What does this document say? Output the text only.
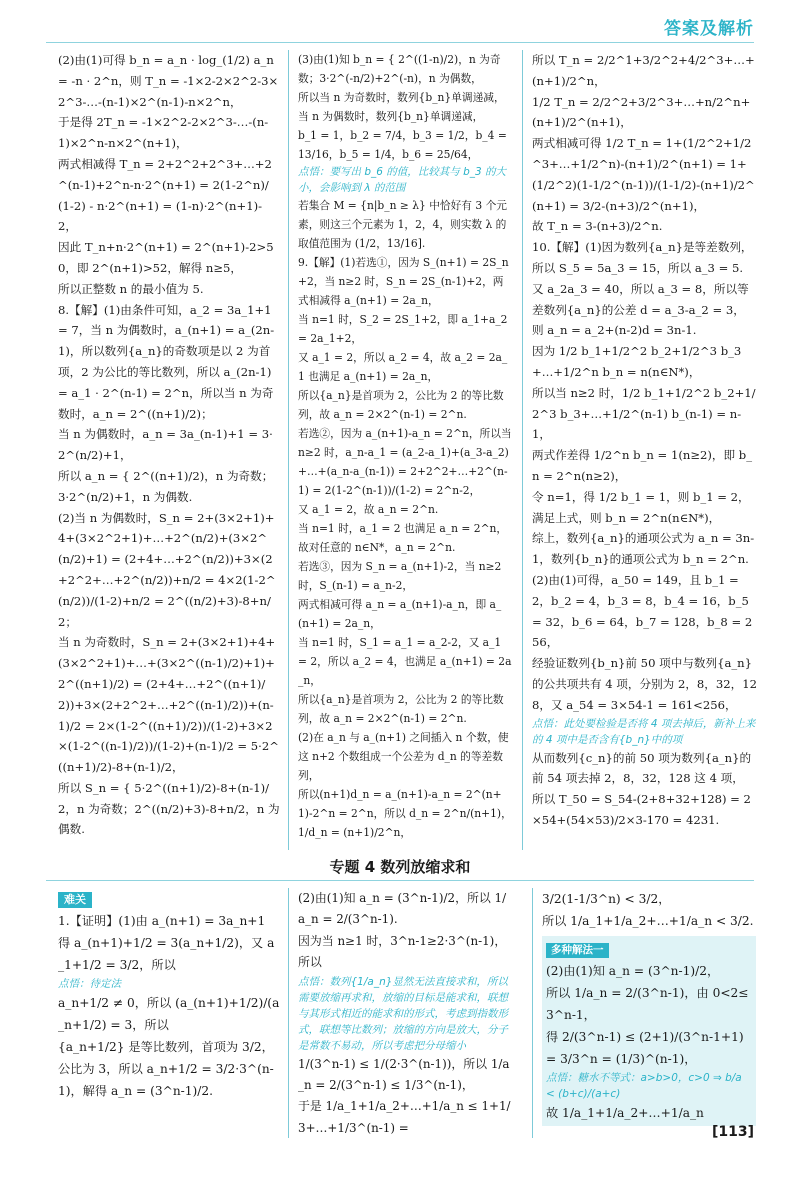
答案及解析
(2)由(1)可得 b_n = a_n · log_(1/2) a_n = -n · 2^n，则 T_n = -1×2-2×2^2-3×2^3-…-(n-1)×2^(n-1)-n×2^n，
于是得 2T_n = -1×2^2-2×2^3-…-(n-1)×2^n-n×2^(n+1)，
两式相减得 T_n = 2+2^2+2^3+…+2^(n-1)+2^n-n·2^(n+1) = 2(1-2^n)/(1-2) - n·2^(n+1) = (1-n)·2^(n+1)-2，
因此 T_n+n·2^(n+1) = 2^(n+1)-2>50，即 2^(n+1)>52，解得 n≥5，
所以正整数 n 的最小值为 5.
8.【解】(1)由条件可知，a_2 = 3a_1+1 = 7，当 n 为偶数时，a_(n+1) = a_(2n-1)，所以数列{a_n}的奇数项是以 2 为首项，2 为公比的等比数列，所以 a_(2n-1) = a_1 · 2^(n-1) = 2^n，所以当 n 为奇数时，a_n = 2^((n+1)/2)；
当 n 为偶数时，a_n = 3a_(n-1)+1 = 3·2^(n/2)+1，
所以 a_n = { 2^((n+1)/2)，n 为奇数；3·2^(n/2)+1，n 为偶数.
(2)当 n 为偶数时，S_n = 2+(3×2+1)+4+(3×2^2+1)+…+2^(n/2)+(3×2^(n/2)+1) = (2+4+…+2^(n/2))+3×(2+2^2+…+2^(n/2))+n/2 = 4×2(1-2^(n/2))/(1-2)+n/2 = 2^((n/2)+3)-8+n/2；
当 n 为奇数时，S_n = 2+(3×2+1)+4+(3×2^2+1)+…+(3×2^((n-1)/2)+1)+2^((n+1)/2) = (2+4+…+2^((n+1)/2))+3×(2+2^2+…+2^((n-1)/2))+(n-1)/2 = 2×(1-2^((n+1)/2))/(1-2)+3×2×(1-2^((n-1)/2))/(1-2)+(n-1)/2 = 5·2^((n+1)/2)-8+(n-1)/2，
所以 S_n = { 5·2^((n+1)/2)-8+(n-1)/2，n 为奇数；2^((n/2)+3)-8+n/2，n 为偶数.
(3)由(1)知 b_n = { 2^((1-n)/2)，n 为奇数；3·2^(-n/2)+2^(-n)，n 为偶数，
所以当 n 为奇数时，数列{b_n}单调递减，当 n 为偶数时，数列{b_n}单调递减，
b_1 = 1，b_2 = 7/4，b_3 = 1/2，b_4 = 13/16，b_5 = 1/4，b_6 = 25/64，
点悟：要写出 b_6 的值，比较其与 b_3 的大小，会影响到 λ 的范围
若集合 M = {n|b_n ≥ λ} 中恰好有 3 个元素，则这三个元素为 1，2，4，则实数 λ 的取值范围为 (1/2，13/16].
9.【解】(1)若选①，因为 S_(n+1) = 2S_n+2，当 n≥2 时，S_n = 2S_(n-1)+2，两式相减得 a_(n+1) = 2a_n，
当 n=1 时，S_2 = 2S_1+2，即 a_1+a_2 = 2a_1+2，
又 a_1 = 2，所以 a_2 = 4，故 a_2 = 2a_1 也满足 a_(n+1) = 2a_n，
所以{a_n}是首项为 2，公比为 2 的等比数列，故 a_n = 2×2^(n-1) = 2^n.
若选②，因为 a_(n+1)-a_n = 2^n，所以当 n≥2 时，a_n-a_1 = (a_2-a_1)+(a_3-a_2)+…+(a_n-a_(n-1)) = 2+2^2+…+2^(n-1) = 2(1-2^(n-1))/(1-2) = 2^n-2，
又 a_1 = 2，故 a_n = 2^n.
当 n=1 时，a_1 = 2 也满足 a_n = 2^n，故对任意的 n∈N*，a_n = 2^n.
若选③，因为 S_n = a_(n+1)-2，当 n≥2 时，S_(n-1) = a_n-2，
两式相减可得 a_n = a_(n+1)-a_n，即 a_(n+1) = 2a_n，
当 n=1 时，S_1 = a_1 = a_2-2，又 a_1 = 2，所以 a_2 = 4，也满足 a_(n+1) = 2a_n，
所以{a_n}是首项为 2，公比为 2 的等比数列，故 a_n = 2×2^(n-1) = 2^n.
(2)在 a_n 与 a_(n+1) 之间插入 n 个数，使这 n+2 个数组成一个公差为 d_n 的等差数列，
所以(n+1)d_n = a_(n+1)-a_n = 2^(n+1)-2^n = 2^n，所以 d_n = 2^n/(n+1)，1/d_n = (n+1)/2^n，
所以 T_n = 2/2^1+3/2^2+4/2^3+…+(n+1)/2^n，
1/2 T_n = 2/2^2+3/2^3+…+n/2^n+(n+1)/2^(n+1)，
两式相减可得 1/2 T_n = 1+(1/2^2+1/2^3+…+1/2^n)-(n+1)/2^(n+1) = 1+(1/2^2)(1-1/2^(n-1))/(1-1/2)-(n+1)/2^(n+1) = 3/2-(n+3)/2^(n+1)，
故 T_n = 3-(n+3)/2^n.
10.【解】(1)因为数列{a_n}是等差数列，所以 S_5 = 5a_3 = 15，所以 a_3 = 5.
又 a_2a_3 = 40，所以 a_3 = 8，所以等差数列{a_n}的公差 d = a_3-a_2 = 3，
则 a_n = a_2+(n-2)d = 3n-1.
因为 1/2 b_1+1/2^2 b_2+1/2^3 b_3+…+1/2^n b_n = n(n∈N*)，
所以当 n≥2 时，1/2 b_1+1/2^2 b_2+1/2^3 b_3+…+1/2^(n-1) b_(n-1) = n-1，
两式作差得 1/2^n b_n = 1(n≥2)，即 b_n = 2^n(n≥2)，
令 n=1，得 1/2 b_1 = 1，则 b_1 = 2，满足上式，则 b_n = 2^n(n∈N*)，
综上，数列{a_n}的通项公式为 a_n = 3n-1，数列{b_n}的通项公式为 b_n = 2^n.
(2)由(1)可得，a_50 = 149，且 b_1 = 2，b_2 = 4，b_3 = 8，b_4 = 16，b_5 = 32，b_6 = 64，b_7 = 128，b_8 = 256，
经验证数列{b_n}前 50 项中与数列{a_n}的公共项共有 4 项，分别为 2，8，32，128，又 a_54 = 3×54-1 = 161<256，
点悟：此处要检验是否将 4 项去掉后，新补上来的 4 项中是否含有{b_n}中的项
从而数列{c_n}的前 50 项为数列{a_n}的前 54 项去掉 2，8，32，128 这 4 项，
所以 T_50 = S_54-(2+8+32+128) = 2×54+(54×53)/2×3-170 = 4231.
专题 4 数列放缩求和
难关
1.【证明】(1)由 a_(n+1) = 3a_n+1 得 a_(n+1)+1/2 = 3(a_n+1/2)，又 a_1+1/2 = 3/2，所以
点悟：待定法
a_n+1/2 ≠ 0，所以 (a_(n+1)+1/2)/(a_n+1/2) = 3，所以
{a_n+1/2} 是等比数列，首项为 3/2，公比为 3，所以 a_n+1/2 = 3/2·3^(n-1)，解得 a_n = (3^n-1)/2.
(2)由(1)知 a_n = (3^n-1)/2，所以 1/a_n = 2/(3^n-1).
因为当 n≥1 时，3^n-1≥2·3^(n-1)，所以
点悟：数列{1/a_n}显然无法直接求和，所以需要放缩再求和，放缩的目标是能求和，联想与其形式相近的能求和的形式，考虑到指数形式，联想等比数列；放缩的方向是放大，分子是常数不易动，所以考虑把分母缩小
1/(3^n-1) ≤ 1/(2·3^(n-1))，所以 1/a_n = 2/(3^n-1) ≤ 1/3^(n-1)，
于是 1/a_1+1/a_2+…+1/a_n ≤ 1+1/3+…+1/3^(n-1) =
3/2(1-1/3^n) < 3/2，
所以 1/a_1+1/a_2+…+1/a_n < 3/2.
多种解法一
(2)由(1)知 a_n = (3^n-1)/2，
所以 1/a_n = 2/(3^n-1)，由 0<2≤3^n-1，
得 2/(3^n-1) ≤ (2+1)/(3^n-1+1) = 3/3^n = (1/3)^(n-1)，
点悟：糖水不等式：a>b>0，c>0 ⇒ b/a < (b+c)/(a+c)
故 1/a_1+1/a_2+…+1/a_n
[113]
